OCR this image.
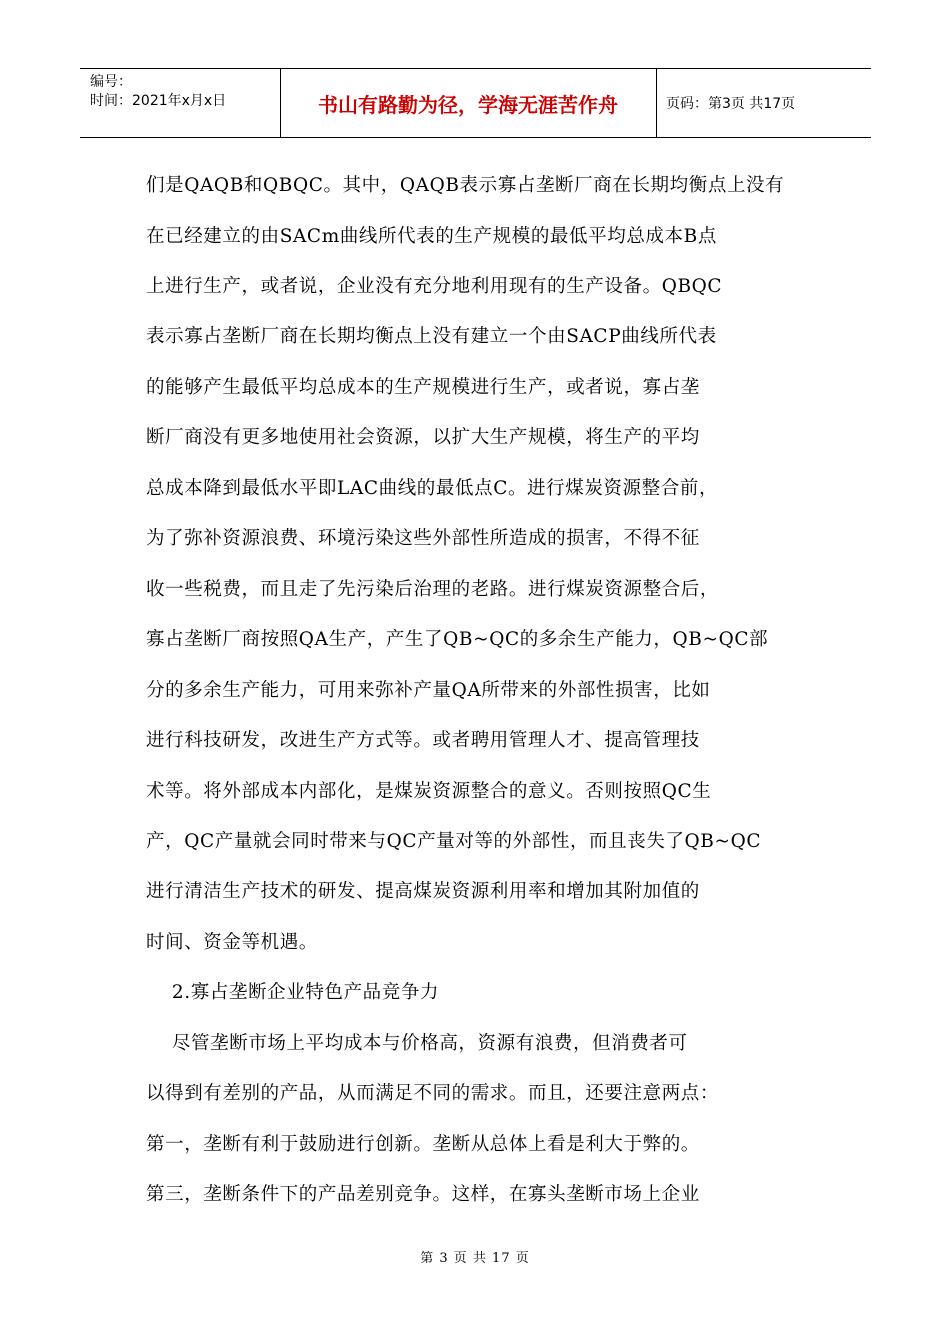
编号：
时间：2021年x月x日	书山有路勤为径，学海无涯苦作舟	页码：第3页 共17页
们是QAQB和QBQC。其中，QAQB表示寡占垄断厂商在长期均衡点上没有
在已经建立的由SACm曲线所代表的生产规模的最低平均总成本B点
上进行生产，或者说，企业没有充分地利用现有的生产设备。QBQC
表示寡占垄断厂商在长期均衡点上没有建立一个由SACP曲线所代表
的能够产生最低平均总成本的生产规模进行生产，或者说，寡占垄
断厂商没有更多地使用社会资源，以扩大生产规模，将生产的平均
总成本降到最低水平即LAC曲线的最低点C。进行煤炭资源整合前，
为了弥补资源浪费、环境污染这些外部性所造成的损害，不得不征
收一些税费，而且走了先污染后治理的老路。进行煤炭资源整合后，
寡占垄断厂商按照QA生产，产生了QB~QC的多余生产能力，QB~QC部
分的多余生产能力，可用来弥补产量QA所带来的外部性损害，比如
进行科技研发，改进生产方式等。或者聘用管理人才、提高管理技
术等。将外部成本内部化，是煤炭资源整合的意义。否则按照QC生
产，QC产量就会同时带来与QC产量对等的外部性，而且丧失了QB~QC
进行清洁生产技术的研发、提高煤炭资源利用率和增加其附加值的
时间、资金等机遇。
2.寡占垄断企业特色产品竞争力
尽管垄断市场上平均成本与价格高，资源有浪费，但消费者可
以得到有差别的产品，从而满足不同的需求。而且，还要注意两点：
第一，垄断有利于鼓励进行创新。垄断从总体上看是利大于弊的。
第三，垄断条件下的产品差别竞争。这样，在寡头垄断市场上企业
第 3 页 共 17 页
